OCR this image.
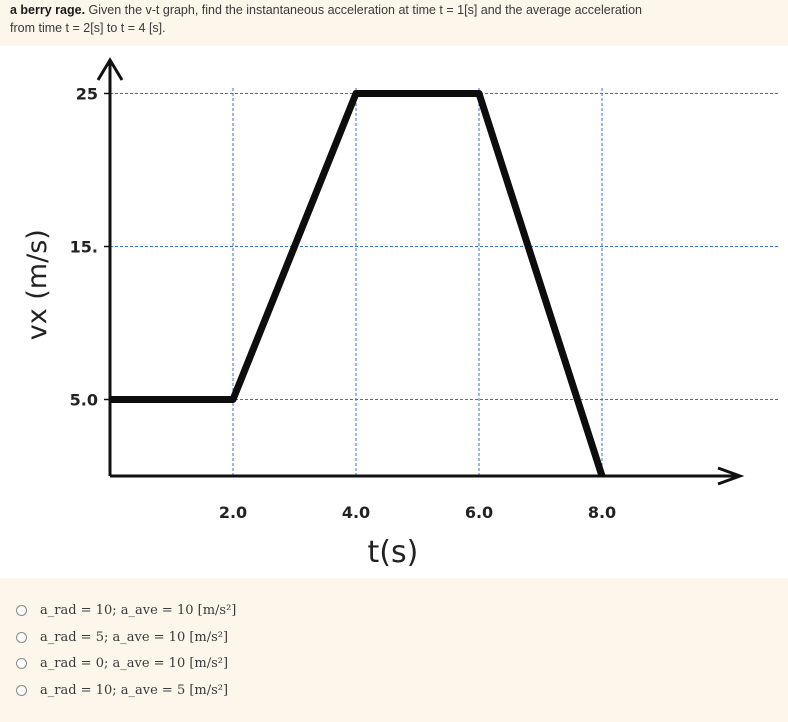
a berry rage. Given the v-t graph, find the instantaneous acceleration at time t = 1[s] and the average acceleration
from time t = 2[s] to t = 4 [s].
5.0
15.
25
2.0	4.0	6.0	8.0
t(s)
vx (m/s)
a_rad = 10; a_ave = 10 [m/s²]
a_rad = 5; a_ave = 10 [m/s²]
a_rad = 0; a_ave = 10 [m/s²]
a_rad = 10; a_ave = 5 [m/s²]
